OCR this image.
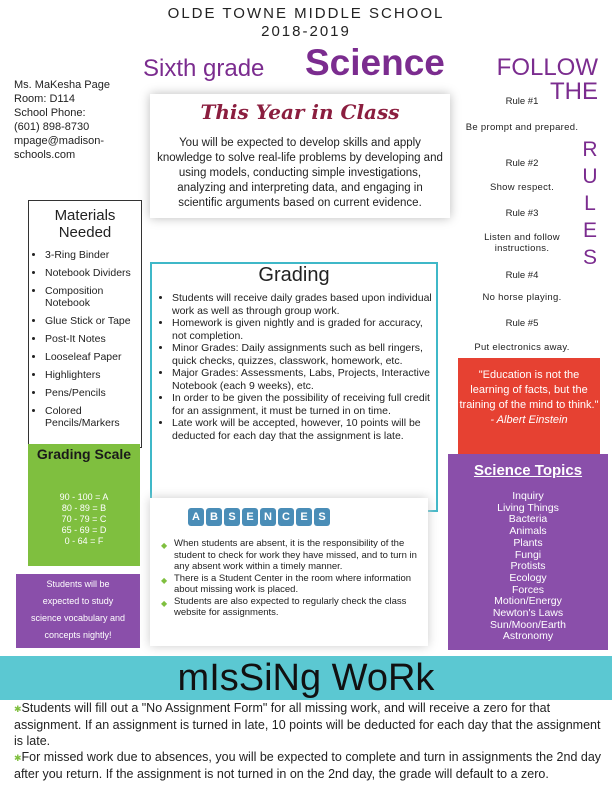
OLDE TOWNE MIDDLE SCHOOL
2018-2019
Ms. MaKesha Page
Room: D114
School Phone:
(601) 898-8730
mpage@madison-
schools.com
Sixth grade Science
This Year in Class
You will be expected to develop skills and apply knowledge to solve real-life problems by developing and using models, conducting simple investigations, analyzing and interpreting data, and engaging in scientific arguments based on current evidence.
Materials
Needed
• 3-Ring Binder
• Notebook Dividers
• Composition Notebook
• Glue Stick or Tape
• Post-It Notes
• Looseleaf Paper
• Highlighters
• Pens/Pencils
• Colored Pencils/Markers
Grading Scale
90 - 100 = A
80 - 89 = B
70 - 79 = C
65 - 69 = D
0 - 64 = F
Students will be
expected to study
science vocabulary and
concepts nightly!
Grading
• Students will receive daily grades based upon individual work as well as through group work.
• Homework is given nightly and is graded for accuracy, not completion.
• Minor Grades: Daily assignments such as bell ringers, quick checks, quizzes, classwork, homework, etc.
• Major Grades: Assessments, Labs, Projects, Interactive Notebook (each 9 weeks), etc.
• In order to be given the possibility of receiving full credit for an assignment, it must be turned in on time.
• Late work will be accepted, however, 10 points will be deducted for each day that the assignment is late.
A B S E N C E S
◆ When students are absent, it is the responsibility of the student to check for work they have missed, and to turn in any absent work within a timely manner.
◆ There is a Student Center in the room where information about missing work is placed.
◆ Students are also expected to regularly check the class website for assignments.
FOLLOW
THE
Rule #1
Be prompt and prepared.
Rule #2
Show respect.
Rule #3
Listen and follow instructions.
Rule #4
No horse playing.
Rule #5
Put electronics away.
R
U
L
E
S
"Education is not the learning of facts, but the training of the mind to think."
- Albert Einstein
Science Topics
Inquiry
Living Things
Bacteria
Animals
Plants
Fungi
Protists
Ecology
Forces
Motion/Energy
Newton's Laws
Sun/Moon/Earth
Astronomy
mIsSiNg WoRk

✱Students will fill out a "No Assignment Form" for all missing work, and will receive a zero for that assignment. If an assignment is turned in late, 10 points will be deducted for each day that the assignment is late.

✱For missed work due to absences, you will be expected to complete and turn in assignments the 2nd day after you return. If the assignment is not turned in on the 2nd day, the grade will default to a zero.
